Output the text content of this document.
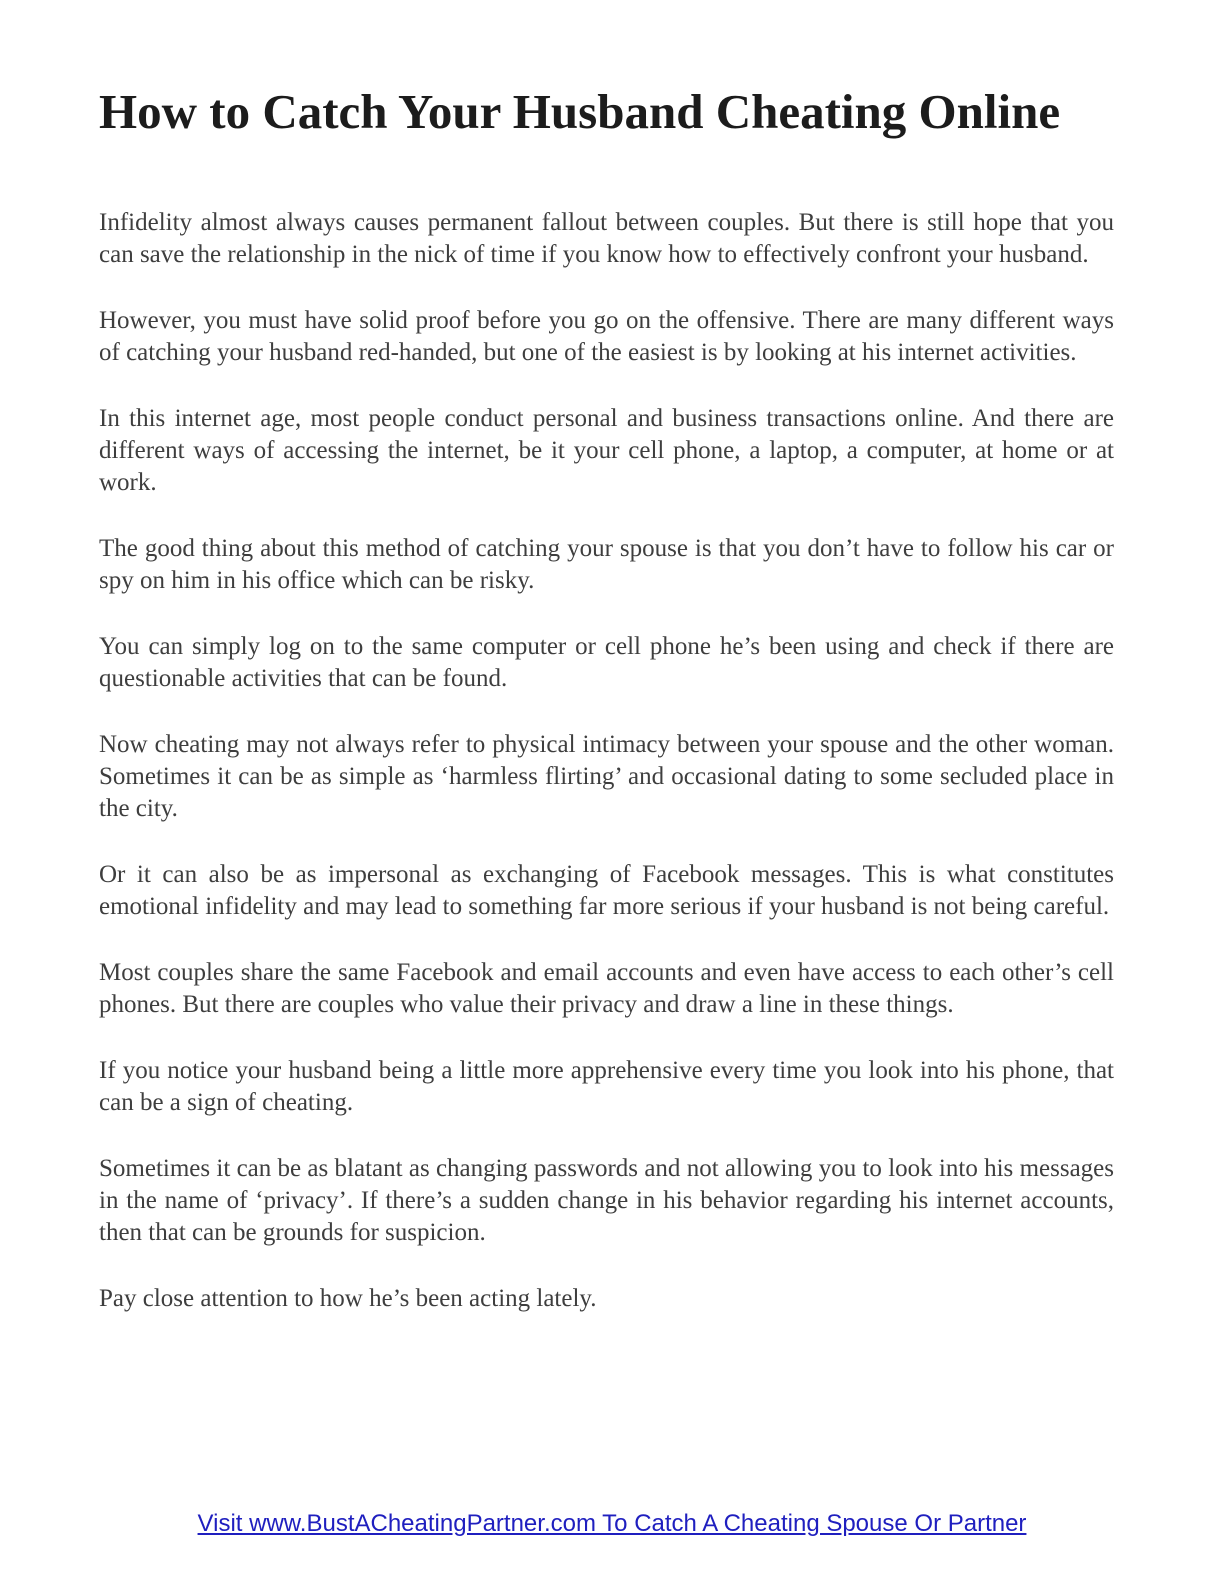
How to Catch Your Husband Cheating Online

Infidelity almost always causes permanent fallout between couples. But there is still hope that you can save the relationship in the nick of time if you know how to effectively confront your husband.

However, you must have solid proof before you go on the offensive. There are many different ways of catching your husband red-handed, but one of the easiest is by looking at his internet activities.

In this internet age, most people conduct personal and business transactions online. And there are different ways of accessing the internet, be it your cell phone, a laptop, a computer, at home or at work.

The good thing about this method of catching your spouse is that you don’t have to follow his car or spy on him in his office which can be risky.

You can simply log on to the same computer or cell phone he’s been using and check if there are questionable activities that can be found.

Now cheating may not always refer to physical intimacy between your spouse and the other woman. Sometimes it can be as simple as ‘harmless flirting’ and occasional dating to some secluded place in the city.

Or it can also be as impersonal as exchanging of Facebook messages. This is what constitutes emotional infidelity and may lead to something far more serious if your husband is not being careful.

Most couples share the same Facebook and email accounts and even have access to each other’s cell phones. But there are couples who value their privacy and draw a line in these things.

If you notice your husband being a little more apprehensive every time you look into his phone, that can be a sign of cheating.

Sometimes it can be as blatant as changing passwords and not allowing you to look into his messages in the name of ‘privacy’. If there’s a sudden change in his behavior regarding his internet accounts, then that can be grounds for suspicion.

Pay close attention to how he’s been acting lately.

Visit www.BustACheatingPartner.com To Catch A Cheating Spouse Or Partner
